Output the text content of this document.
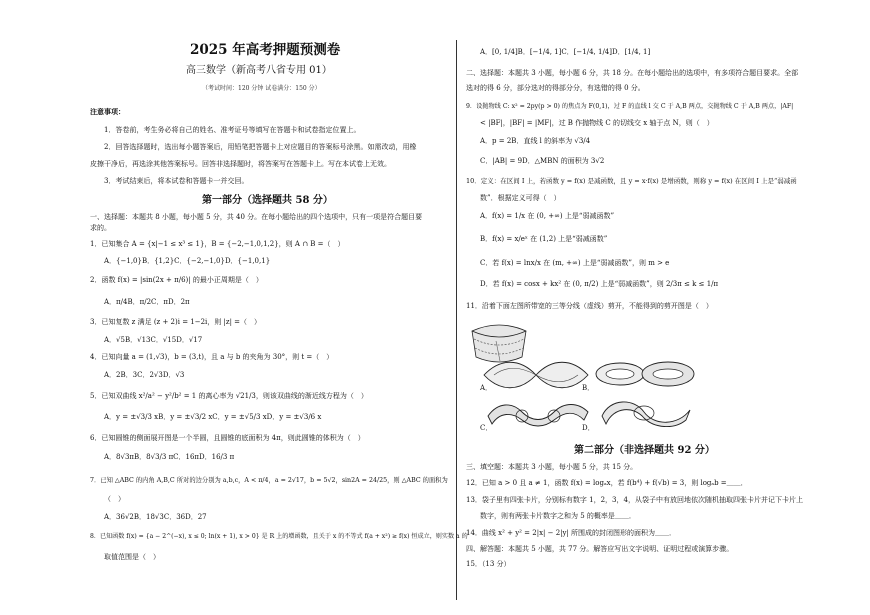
2025 年高考押题预测卷
高三数学（新高考八省专用 01）
（考试时间：120 分钟 试卷满分：150 分）
注意事项：
1．答卷前，考生务必将自己的姓名、准考证号等填写在答题卡和试卷指定位置上。
2．回答选择题时，选出每小题答案后，用铅笔把答题卡上对应题目的答案标号涂黑。如需改动，用橡
皮擦干净后，再选涂其他答案标号。回答非选择题时，将答案写在答题卡上。写在本试卷上无效。
3．考试结束后，将本试卷和答题卡一并交回。
第一部分（选择题共 58 分）
一、选择题：本题共 8 小题，每小题 5 分，共 40 分。在每小题给出的四个选项中，只有一项是符合题目要
求的。
1．已知集合 A = {x|−1 ≤ x³ ≤ 1}，B = {−2,−1,0,1,2}，则 A ∩ B =（　）
A．{−1,0}B．{1,2}C．{−2,−1,0}D．{−1,0,1}
2．函数 f(x) = |sin(2x + π/6)| 的最小正周期是（　）
A．π/4B．π/2C．πD．2π
3．已知复数 z 满足 (z + 2)i = 1−2i，则 |z| =（　）
A．√5B．√13C．√15D．√17
4．已知向量 a = (1,√3)，b = (3,t)，且 a 与 b 的夹角为 30°，则 t =（　）
A．2B．3C．2√3D．√3
5．已知双曲线 x²/a² − y²/b² = 1 的离心率为 √21/3，则该双曲线的渐近线方程为（　）
A．y = ±√3/3 xB．y = ±√3/2 xC．y = ±√5/3 xD．y = ±√3/6 x
6．已知圆锥的侧面展开图是一个半圆，且圆锥的底面积为 4π，则此圆锥的体积为（　）
A．8√3πB．8√3/3 πC．16πD．16/3 π
7．已知 △ABC 的内角 A,B,C 所对的边分别为 a,b,c，A < π/4，a = 2√17，b = 5√2，sin2A = 24/25，则 △ABC 的面积为
（　）
A．36√2B．18√3C．36D．27
8．已知函数 f(x) = {a − 2^(−x), x ≤ 0; ln(x + 1), x > 0} 是 R 上的增函数，且关于 x 的不等式 f(a + x²) ≥ f(x) 恒成立，则实数 a 的
取值范围是（　）
A．[0, 1/4]B．[−1/4, 1]C．[−1/4, 1/4]D．[1/4, 1]
二、选择题：本题共 3 小题，每小题 6 分，共 18 分。在每小题给出的选项中，有多项符合题目要求。全部
选对的得 6 分，部分选对的得部分分，有选错的得 0 分。
9．设抛物线 C: x² = 2py(p > 0) 的焦点为 F(0,1)，过 F 的直线 l 交 C 于 A,B 两点，交抛物线 C 于 A,B 两点，|AF|
< |BF|，|BF| = |MF|，过 B 作抛物线 C 的切线交 x 轴于点 N，则（　）
A．p = 2B．直线 l 的斜率为 √3/4
C．|AB| = 9D．△MBN 的面积为 3√2
10．定义：在区间 I 上，若函数 y = f(x) 是减函数，且 y = x·f(x) 是增函数，则称 y = f(x) 在区间 I 上是“弱减函
数”．根据定义可得（　）
A．f(x) = 1/x 在 (0, +∞) 上是“弱减函数”
B．f(x) = x/eˣ 在 (1,2) 上是“弱减函数”
C．若 f(x) = lnx/x 在 (m, +∞) 上是“弱减函数”，则 m > e
D．若 f(x) = cosx + kx² 在 (0, π/2) 上是“弱减函数”，则 2/3π ≤ k ≤ 1/π
11．沿着下面左图所带宽的三等分线（虚线）剪开，不能得到的剪开图是（　）
A．	B．
C．	D．
第二部分（非选择题共 92 分）
三、填空题：本题共 3 小题，每小题 5 分，共 15 分。
12．已知 a > 0 且 a ≠ 1，函数 f(x) = logₐx，若 f(b⁴) + f(√b) = 3，则 logₐb =＿＿．
13．袋子里有四张卡片，分别标有数字 1，2，3，4，从袋子中有放回地依次随机抽取四张卡片并记下卡片上
数字，则有两张卡片数字之和为 5 的概率是＿＿．
14．曲线 x² + y² = 2|x| − 2|y| 所围成的封闭图形的面积为＿＿．
四、解答题：本题共 5 小题，共 77 分。解答应写出文字说明、证明过程或演算步骤。
15．（13 分）
